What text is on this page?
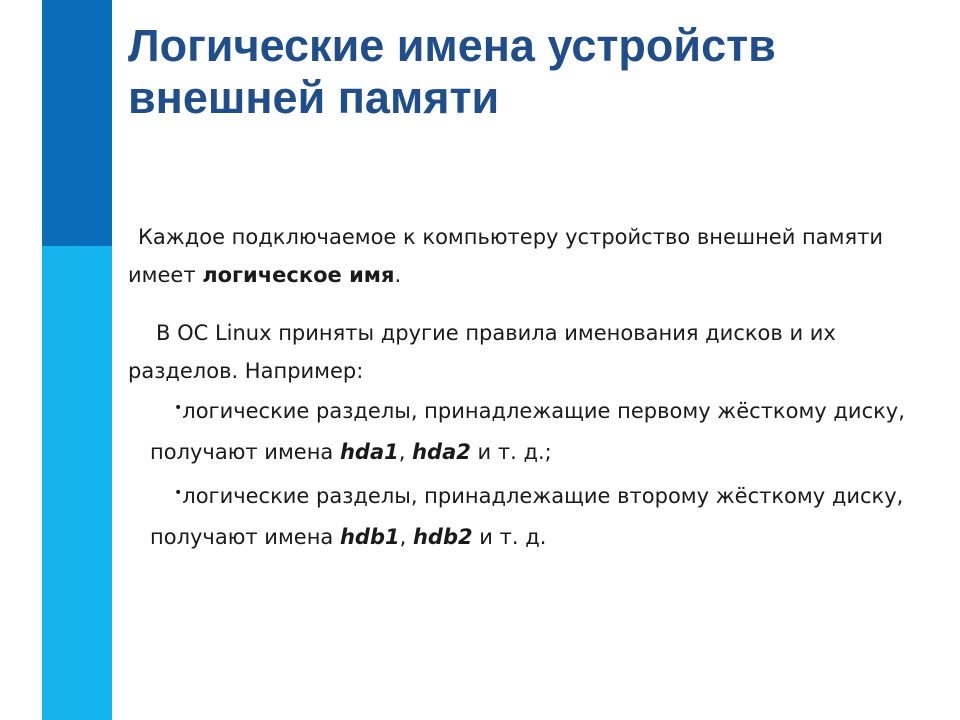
Логические имена устройств
внешней памяти

Каждое подключаемое к компьютеру устройство внешней памяти имеет логическое имя.

В ОС Linux приняты другие правила именования дисков и их разделов. Например:

•логические разделы, принадлежащие первому жёсткому диску, получают имена hda1, hda2 и т. д.;

•логические разделы, принадлежащие второму жёсткому диску, получают имена hdb1, hdb2 и т. д.
